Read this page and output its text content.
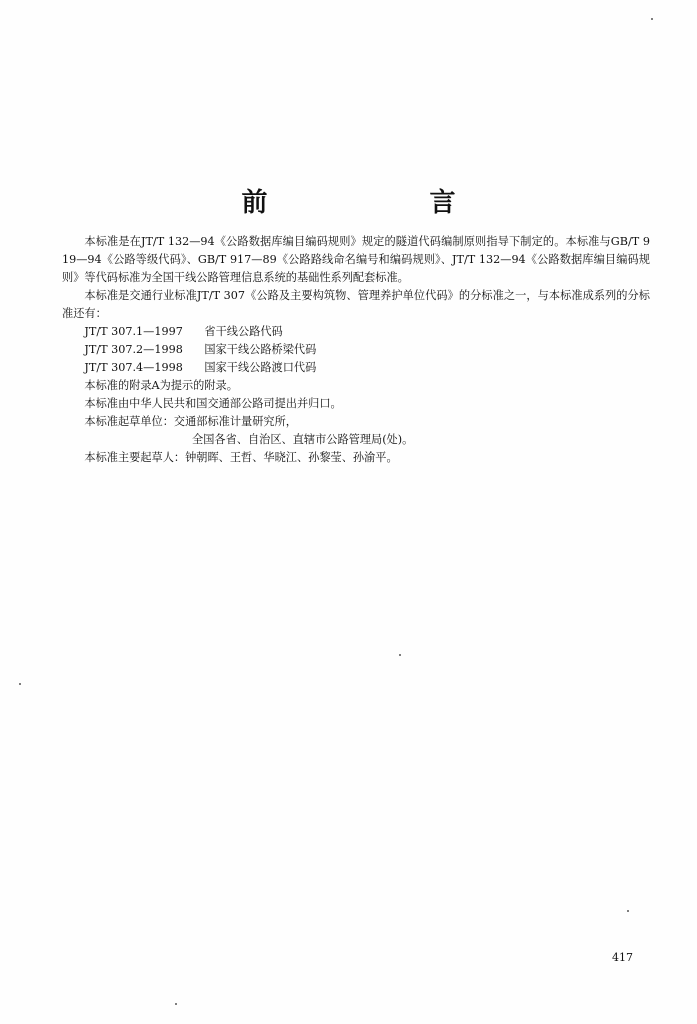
前　言

本标准是在JT/T 132—94《公路数据库编目编码规则》规定的隧道代码编制原则指导下制定的。本标准与GB/T 919—94《公路等级代码》、GB/T 917—89《公路路线命名编号和编码规则》、JT/T 132—94《公路数据库编目编码规则》等代码标准为全国干线公路管理信息系统的基础性系列配套标准。

本标准是交通行业标准JT/T 307《公路及主要构筑物、管理养护单位代码》的分标准之一，与本标准成系列的分标准还有：

JT/T 307.1—1997 省干线公路代码

JT/T 307.2—1998 国家干线公路桥梁代码

JT/T 307.4—1998 国家干线公路渡口代码

本标准的附录A为提示的附录。

本标准由中华人民共和国交通部公路司提出并归口。

本标准起草单位：交通部标准计量研究所，

全国各省、自治区、直辖市公路管理局(处)。

本标准主要起草人：钟朝晖、王哲、华晓江、孙黎莹、孙渝平。

417
